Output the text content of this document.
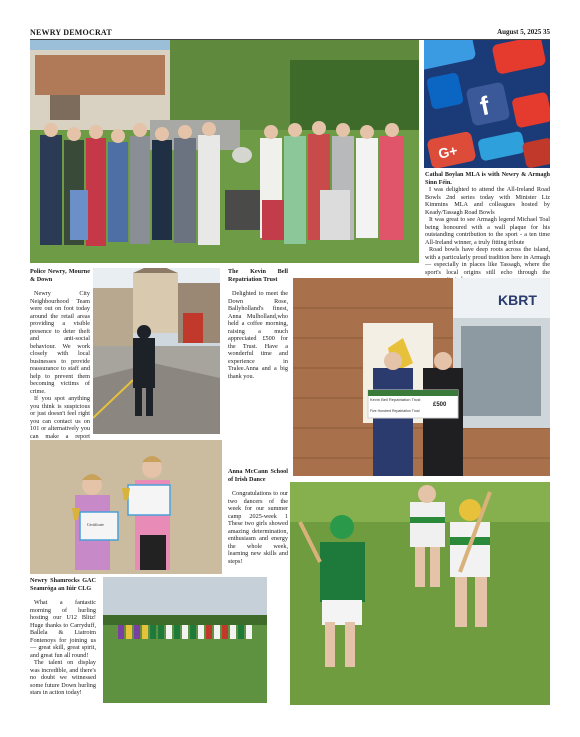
NEWRY DEMOCRAT	August 5, 2025 35
f
G+
Cathal Boylan MLA is with Newry & Armagh Sinn Féin.

I was delighted to attend the All-Ireland Road Bowls 2nd series today with Minister Liz Kimmins MLA and colleagues hosted by Keady/Tassagh Road Bowls

It was great to see Armagh legend Michael Toal being honoured with a wall plaque for his outstanding contribution to the sport - a ten time All-Ireland winner, a truly fitting tribute

Road bowls have deep roots across the island, with a particularly proud tradition here in Armagh — especially in places like Tassagh, where the sport's local origins still echo through the

Police Newry, Mourne & Down

Newry City Neighbourhood Team were out on foot today around the retail areas providing a visible presence to deter theft and anti-social behaviour. We work closely with local businesses to provide reassurance to staff and help to prevent them becoming victims of crime.

If you spot anything you think is suspicious or just doesn't feel right you can contact us on 101 or alternatively you can make a report

The Kevin Bell Repatriation Trust

Delighted to meet the Down Rose, Ballyholland's finest, Anna Mulholland,who held a coffee morning, raising a much appreciated £500 for the Trust. Have a wonderful time and experience in Tralee.Anna and a big thank you.

KBRT
Kevin Bell Repatriation Trust
£500
Five Hundred Repatriation Trust
Certificate
Anna McCann School of Irish Dance

Congratulations to our two dancers of the week for our summer camp 2025-week 1 These two girls showed amazing determination, enthusiasm and energy the whole week, learning new skills and steps!

Newry Shamrocks GAC Seamróga an Iúir CLG

What a fantastic morning of hurling hosting our U12 Blitz! Huge thanks to Carryduff, Ballela & Liatroim Fontenoys for joining us — great skill, great spirit, and great fun all round!

The talent on display was incredible, and there's no doubt we witnessed some future Down hurling stars in action today!
